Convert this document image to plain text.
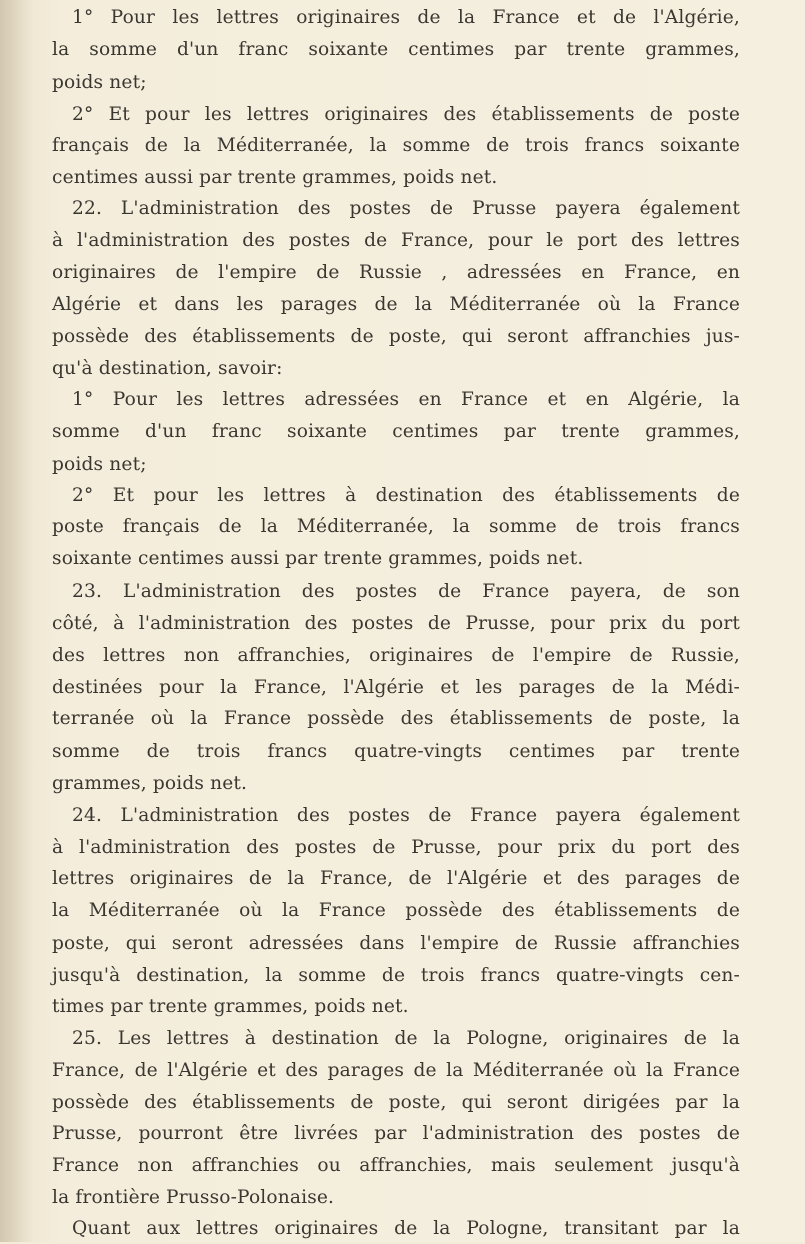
1° Pour les lettres originaires de la France et de l'Algérie,
la somme d'un franc soixante centimes par trente grammes,
poids net;
2° Et pour les lettres originaires des établissements de poste
français de la Méditerranée, la somme de trois francs soixante
centimes aussi par trente grammes, poids net.
22. L'administration des postes de Prusse payera également
à l'administration des postes de France, pour le port des lettres
originaires de l'empire de Russie , adressées en France, en
Algérie et dans les parages de la Méditerranée où la France
possède des établissements de poste, qui seront affranchies jus-
qu'à destination, savoir:
1° Pour les lettres adressées en France et en Algérie, la
somme d'un franc soixante centimes par trente grammes,
poids net;
2° Et pour les lettres à destination des établissements de
poste français de la Méditerranée, la somme de trois francs
soixante centimes aussi par trente grammes, poids net.
23. L'administration des postes de France payera, de son
côté, à l'administration des postes de Prusse, pour prix du port
des lettres non affranchies, originaires de l'empire de Russie,
destinées pour la France, l'Algérie et les parages de la Médi-
terranée où la France possède des établissements de poste, la
somme de trois francs quatre-vingts centimes par trente
grammes, poids net.
24. L'administration des postes de France payera également
à l'administration des postes de Prusse, pour prix du port des
lettres originaires de la France, de l'Algérie et des parages de
la Méditerranée où la France possède des établissements de
poste, qui seront adressées dans l'empire de Russie affranchies
jusqu'à destination, la somme de trois francs quatre-vingts cen-
times par trente grammes, poids net.
25. Les lettres à destination de la Pologne, originaires de la
France, de l'Algérie et des parages de la Méditerranée où la France
possède des établissements de poste, qui seront dirigées par la
Prusse, pourront être livrées par l'administration des postes de
France non affranchies ou affranchies, mais seulement jusqu'à
la frontière Prusso-Polonaise.
Quant aux lettres originaires de la Pologne, transitant par la
